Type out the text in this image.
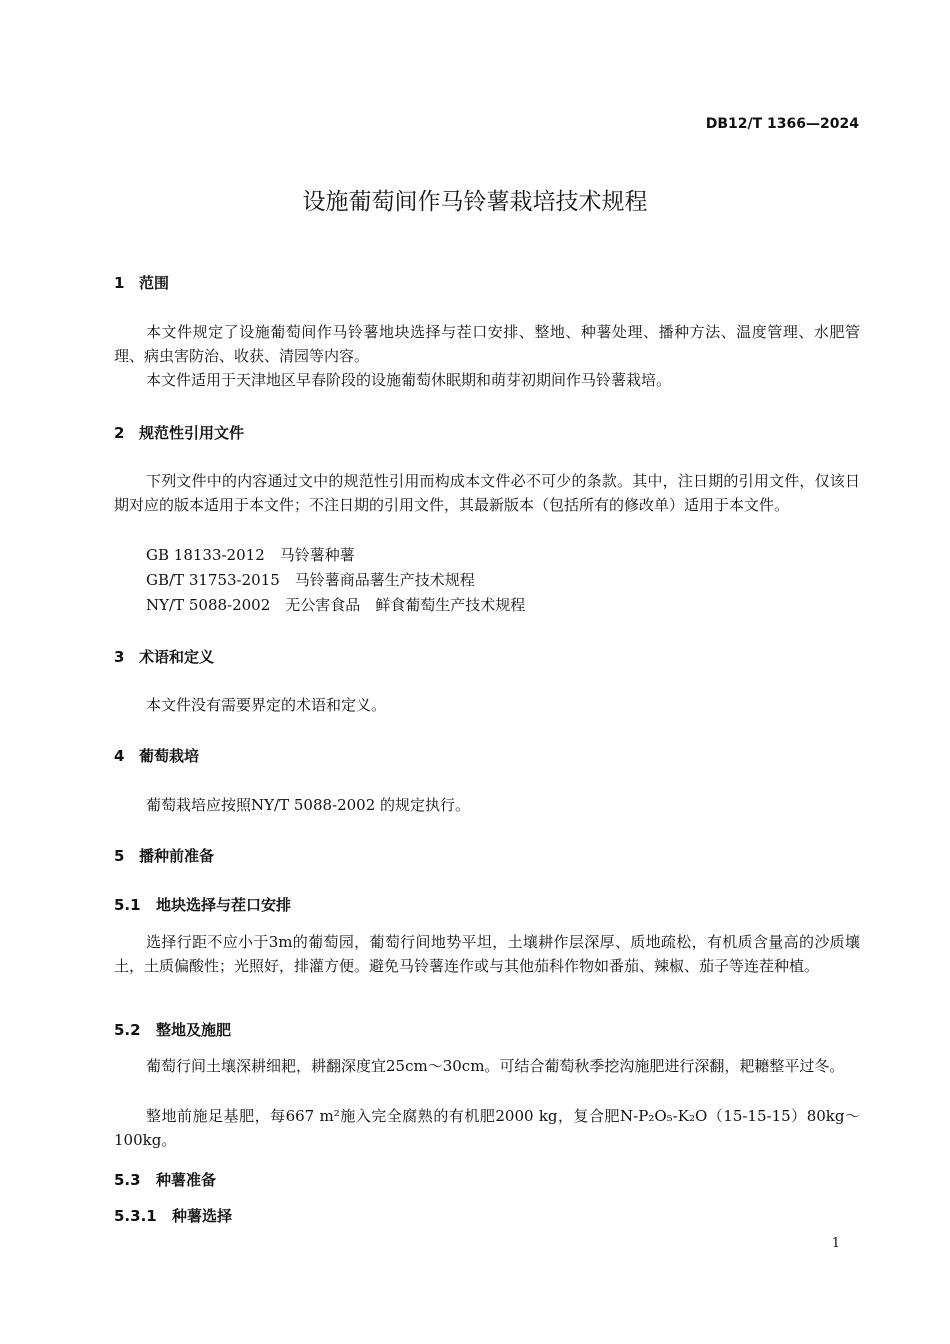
DB12/T 1366—2024
设施葡萄间作马铃薯栽培技术规程
1 范围
本文件规定了设施葡萄间作马铃薯地块选择与茬口安排、整地、种薯处理、播种方法、温度管理、水肥管理、病虫害防治、收获、清园等内容。
本文件适用于天津地区早春阶段的设施葡萄休眠期和萌芽初期间作马铃薯栽培。
2 规范性引用文件
下列文件中的内容通过文中的规范性引用而构成本文件必不可少的条款。其中，注日期的引用文件，仅该日期对应的版本适用于本文件；不注日期的引用文件，其最新版本（包括所有的修改单）适用于本文件。
GB 18133-2012　马铃薯种薯
GB/T 31753-2015　马铃薯商品薯生产技术规程
NY/T 5088-2002　无公害食品　鲜食葡萄生产技术规程
3 术语和定义
本文件没有需要界定的术语和定义。
4 葡萄栽培
葡萄栽培应按照NY/T 5088-2002 的规定执行。
5 播种前准备
5.1 地块选择与茬口安排
选择行距不应小于3m的葡萄园，葡萄行间地势平坦，土壤耕作层深厚、质地疏松，有机质含量高的沙质壤土，土质偏酸性；光照好，排灌方便。避免马铃薯连作或与其他茄科作物如番茄、辣椒、茄子等连茬种植。
5.2 整地及施肥
葡萄行间土壤深耕细耙，耕翻深度宜25cm～30cm。可结合葡萄秋季挖沟施肥进行深翻，耙耱整平过冬。
整地前施足基肥，每667 m²施入完全腐熟的有机肥2000 kg，复合肥N-P₂O₅-K₂O（15-15-15）80kg～100kg。
5.3 种薯准备
5.3.1 种薯选择
1
